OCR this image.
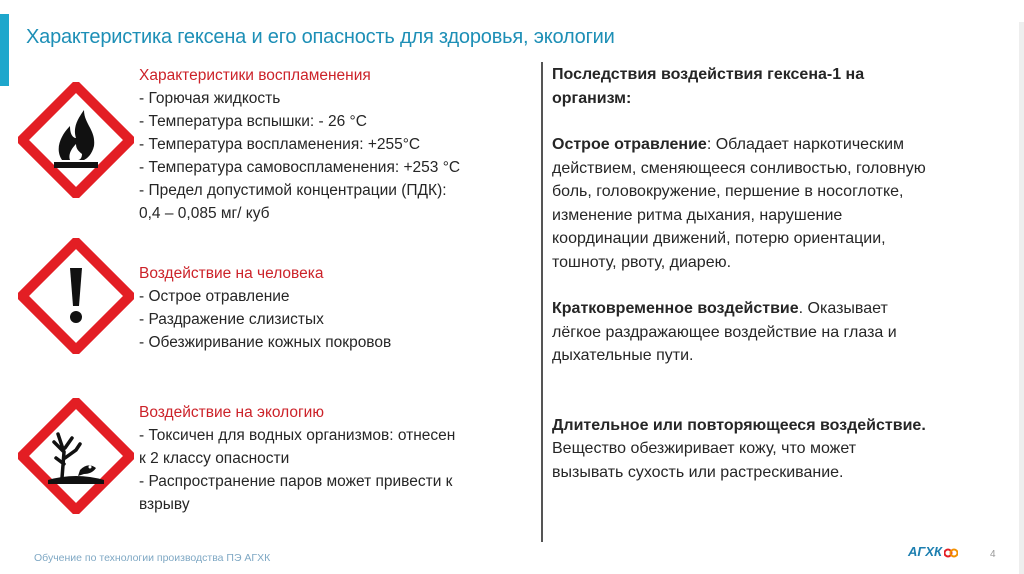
Характеристика гексена и его опасность для здоровья, экологии
Характеристики воспламенения
- Горючая жидкость
- Температура вспышки: - 26 °С
- Температура воспламенения: +255°С
- Температура самовоспламенения: +253 °С
- Предел допустимой концентрации (ПДК):
0,4 – 0,085 мг/ куб
Воздействие на человека
- Острое отравление
- Раздражение слизистых
- Обезжиривание кожных покровов
Воздействие на экологию
- Токсичен для водных организмов: отнесен
к 2 классу опасности
- Распространение паров может привести к
взрыву

Последствия воздействия гексена-1 на

организм:

Острое отравление: Обладает наркотическим

действием, сменяющееся сонливостью, головную

боль, головокружение, першение в носоглотке,

изменение ритма дыхания, нарушение

координации движений, потерю ориентации,

тошноту, рвоту, диарею.

Кратковременное воздействие. Оказывает

лёгкое раздражающее воздействие на глаза и

дыхательные пути.

Длительное или повторяющееся воздействие.

Вещество обезжиривает кожу, что может

вызывать сухость или растрескивание.

Обучение по технологии производства ПЭ АГХК	АГХК	4
